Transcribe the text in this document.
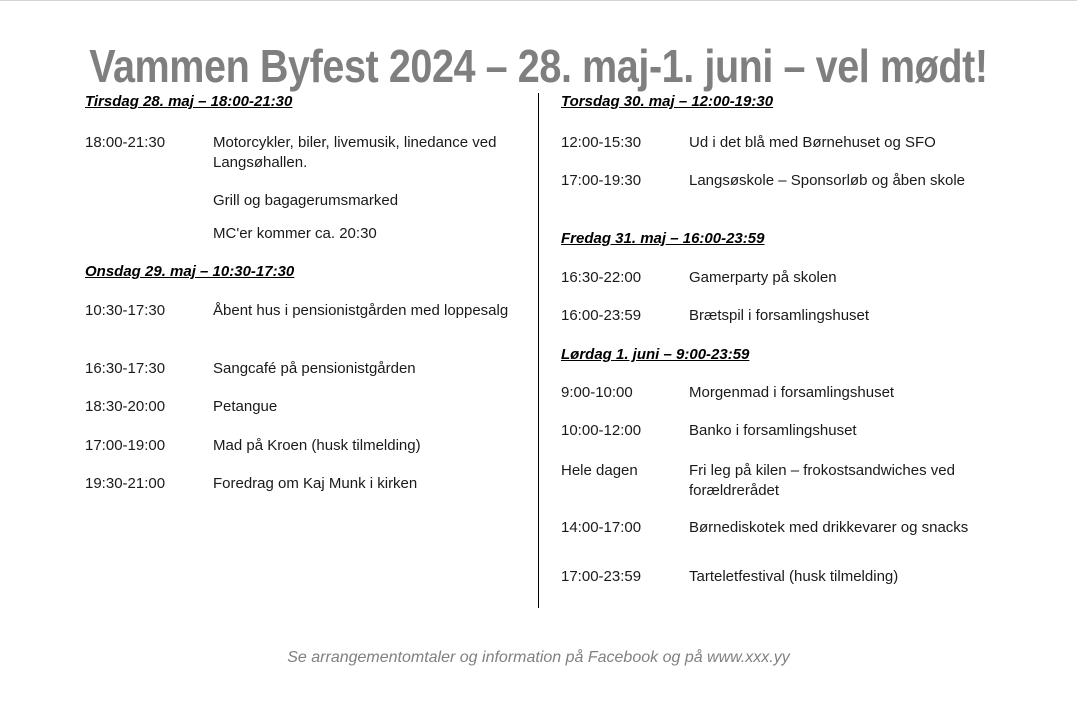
Vammen Byfest 2024 – 28. maj-1. juni – vel mødt!
Tirsdag 28. maj – 18:00-21:30
18:00-21:30	Motorcykler, biler, livemusik, linedance ved Langsøhallen.
Grill og bagagerumsmarked
MC'er kommer ca. 20:30
Onsdag 29. maj – 10:30-17:30
10:30-17:30	Åbent hus i pensionistgården med loppesalg
16:30-17:30	Sangcafé på pensionistgården
18:30-20:00	Petangue
17:00-19:00	Mad på Kroen (husk tilmelding)
19:30-21:00	Foredrag om Kaj Munk i kirken
Torsdag 30. maj – 12:00-19:30
12:00-15:30	Ud i det blå med Børnehuset og SFO
17:00-19:30	Langsøskole – Sponsorløb og åben skole
Fredag 31. maj – 16:00-23:59
16:30-22:00	Gamerparty på skolen
16:00-23:59	Brætspil i forsamlingshuset
Lørdag 1. juni – 9:00-23:59
9:00-10:00	Morgenmad i forsamlingshuset
10:00-12:00	Banko i forsamlingshuset
Hele dagen	Fri leg på kilen – frokostsandwiches ved forældrerådet
14:00-17:00	Børnediskotek med drikkevarer og snacks
17:00-23:59	Tarteletfestival (husk tilmelding)
Se arrangementomtaler og information på Facebook og på www.xxx.yy
